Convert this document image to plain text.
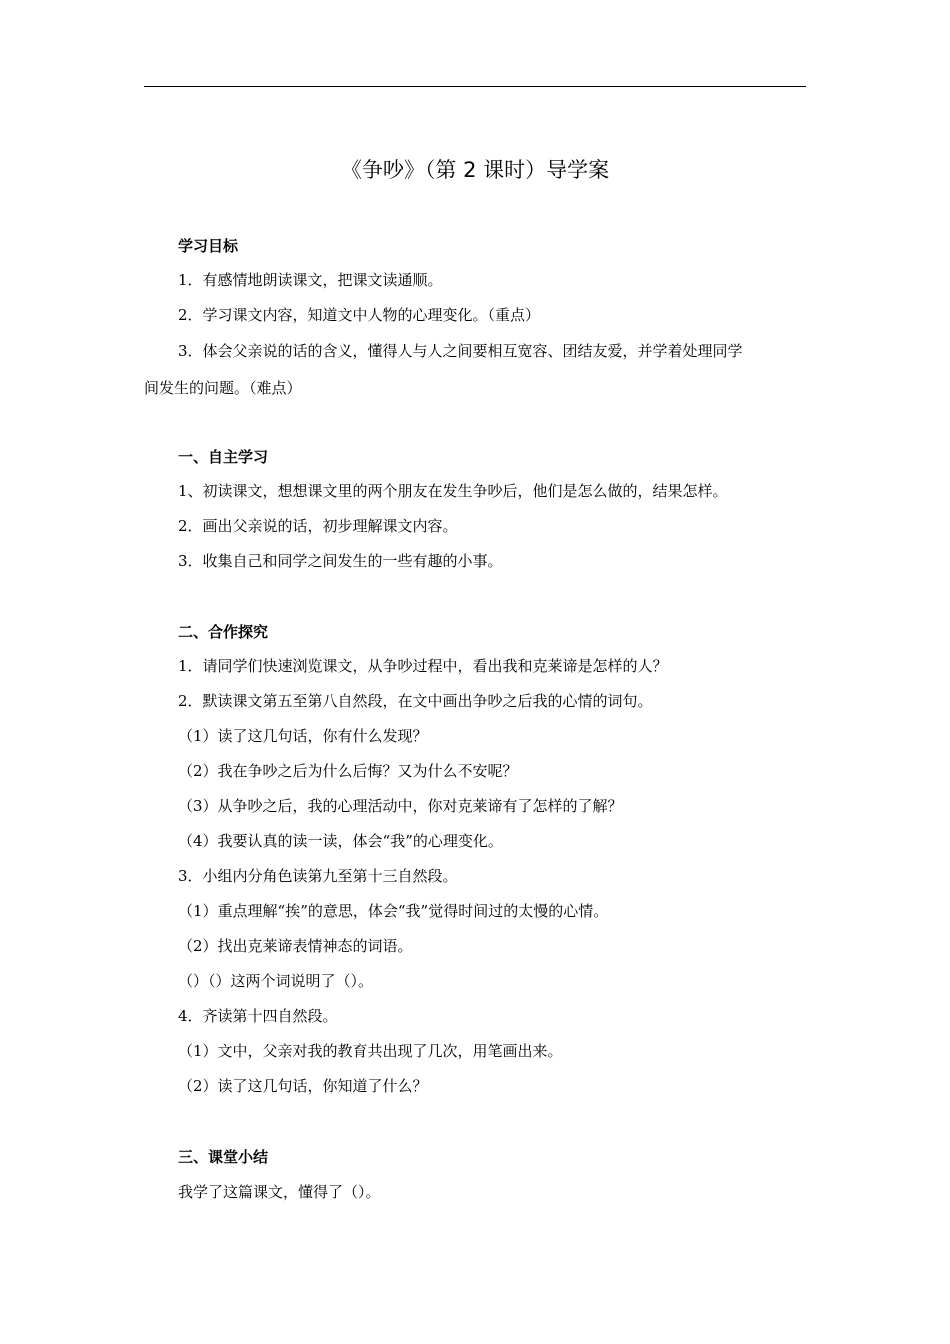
《争吵》（第 2 课时）导学案
学习目标
1．有感情地朗读课文，把课文读通顺。
2．学习课文内容，知道文中人物的心理变化。（重点）
3．体会父亲说的话的含义，懂得人与人之间要相互宽容、团结友爱，并学着处理同学
间发生的问题。（难点）
一、自主学习
1、初读课文，想想课文里的两个朋友在发生争吵后，他们是怎么做的，结果怎样。
2．画出父亲说的话，初步理解课文内容。
3．收集自己和同学之间发生的一些有趣的小事。
二、合作探究
1．请同学们快速浏览课文，从争吵过程中，看出我和克莱谛是怎样的人？
2．默读课文第五至第八自然段，在文中画出争吵之后我的心情的词句。
（1）读了这几句话，你有什么发现？
（2）我在争吵之后为什么后悔？又为什么不安呢？
（3）从争吵之后，我的心理活动中，你对克莱谛有了怎样的了解？
（4）我要认真的读一读，体会“我”的心理变化。
3．小组内分角色读第九至第十三自然段。
（1）重点理解“挨”的意思，体会“我”觉得时间过的太慢的心情。
（2）找出克莱谛表情神态的词语。
（）（）这两个词说明了（）。
4．齐读第十四自然段。
（1）文中，父亲对我的教育共出现了几次，用笔画出来。
（2）读了这几句话，你知道了什么？
三、课堂小结
我学了这篇课文，懂得了（）。
